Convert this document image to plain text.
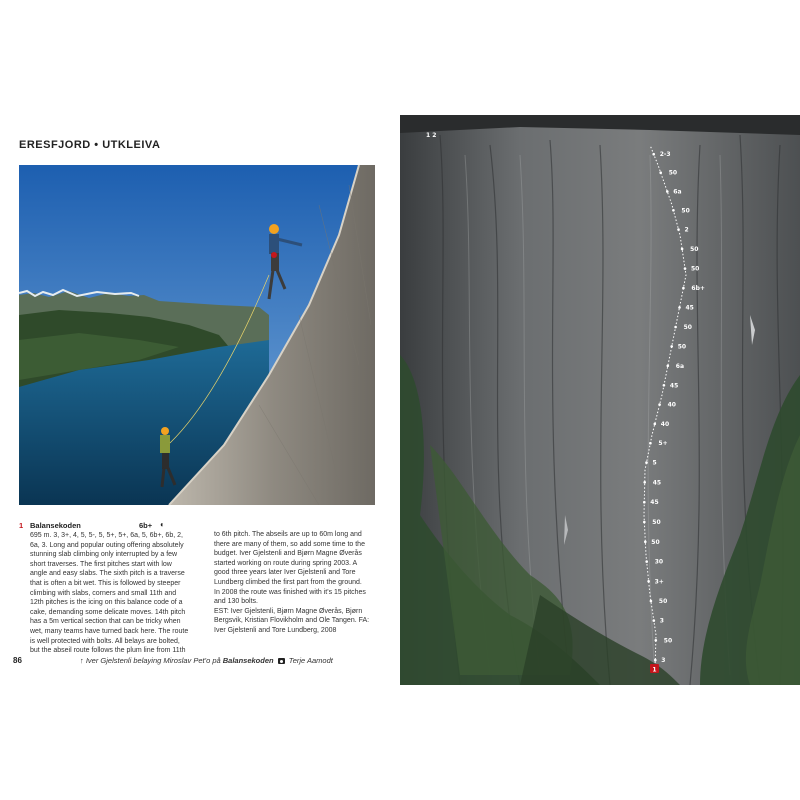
ERESFJORD • UTKLEIVA
1 Balansekoden	6b+ ◐
695 m. 3, 3+, 4, 5, 5-, 5, 5+, 5+, 6a, 5, 6b+, 6b, 2,
6a, 3. Long and popular outing offering absolutely
stunning slab climbing only interrupted by a few
short traverses. The first pitches start with low
angle and easy slabs. The sixth pitch is a traverse
that is often a bit wet. This is followed by steeper
climbing with slabs, corners and small 11th and
12th pitches is the icing on this balance code of a
cake, demanding some delicate moves. 14th pitch
has a 5m vertical section that can be tricky when
wet, many teams have turned back here. The route
is well protected with bolts. All belays are bolted,
but the abseil route follows the plum line from 11th
to 6th pitch. The abseils are up to 60m long and
there are many of them, so add some time to the
budget. Iver Gjelstenli and Bjørn Magne Øverås
started working on route during spring 2003. A
good three years later Iver Gjelstenli and Tore
Lundberg climbed the first part from the ground.
In 2008 the route was finished with it's 15 pitches
and 130 bolts.
EST: Iver Gjelstenli, Bjørn Magne Øverås, Bjørn
Bergsvik, Kristian Flovikholm and Ole Tangen. FA:
Iver Gjelstenli and Tore Lundberg, 2008
86	↑ Iver Gjelstenli belaying Miroslav Pet'o på Balansekoden Terje Aamodt
1
1 2
2-3
50
6a
50
2
50
50
6b+
45
50
50
6a
45
40
40
5+
5
45
45
50
50
30
3+
50
3
50
3
